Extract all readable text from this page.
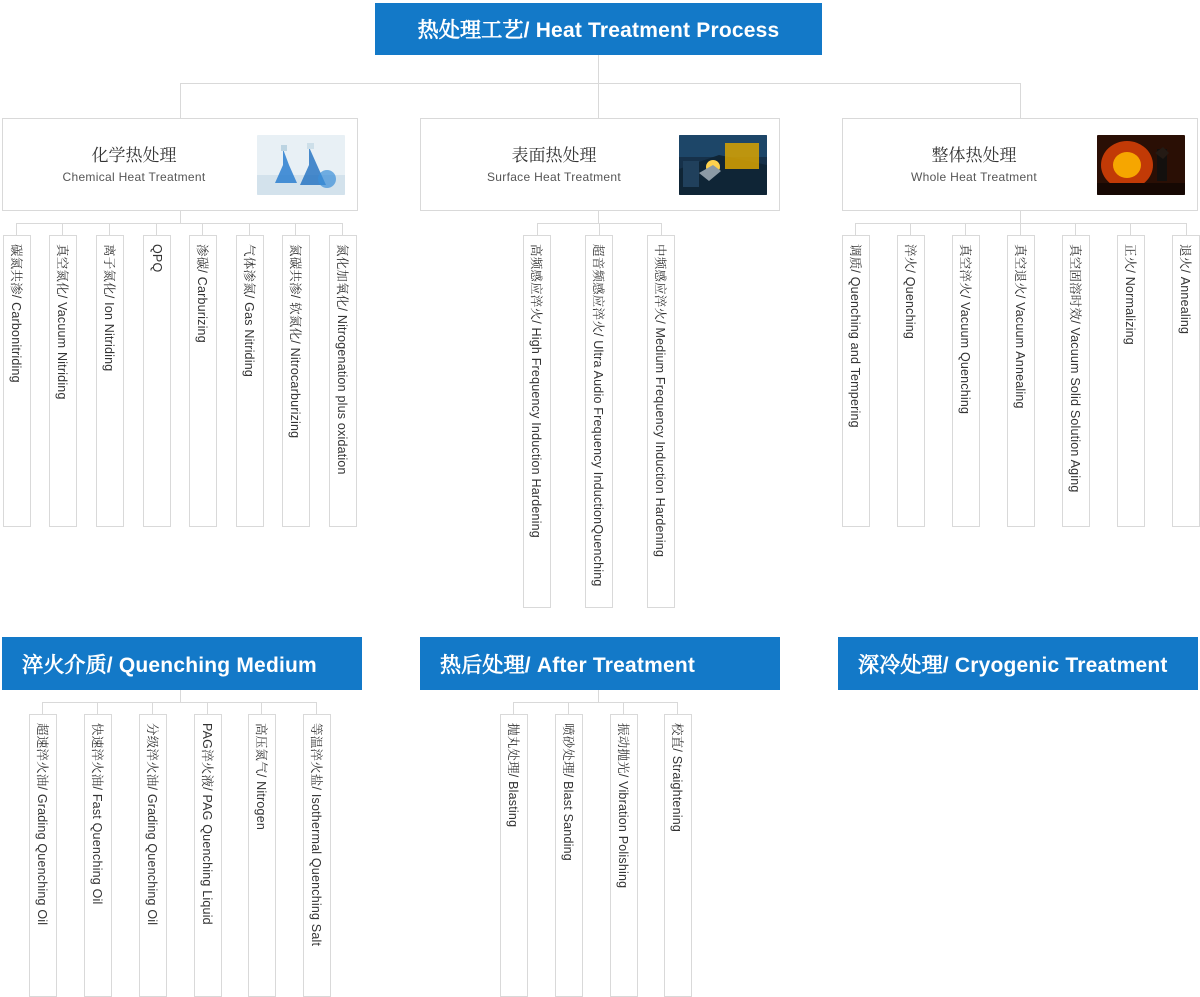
热处理工艺/ Heat Treatment Process
化学热处理
Chemical Heat Treatment
表面热处理
Surface Heat Treatment
整体热处理
Whole Heat Treatment
碳氮共渗/ Carbonitriding	真空氮化/ Vacuum Nitriding	离子氮化/ Ion Nitriding	QPQ 渗碳/ Carburizing	气体渗氮/ Gas Nitriding	氮碳共渗/ 软氮化/ Nitrocarburizing	氮化加氧化/ Nitrogenation plus oxidation	高频感应淬火/ High Frequency Induction Hardening	超音频感应淬火/ Ultra Audio Frequency InductionQuenching	中频感应淬火/ Medium Frequency Induction Hardening	调质/ Quenching and Tempering	淬火/ Quenching	真空淬火/ Vacuum Quenching	真空退火/ Vacuum Annealing	真空固溶时效/ Vacuum Solid Solution Aging	正火/ Normalizing	退火/ Annealing
淬火介质/ Quenching Medium	热后处理/ After Treatment	深冷处理/ Cryogenic Treatment
超速淬火油/ Grading Quenching Oil	快速淬火油/ Fast Quenching Oil	分级淬火油/ Grading Quenching Oil	PAG淬火液/ PAG Quenching Liquid	高压氮气/ Nitrogen	等温淬火盐/ Isothermal Quenching Salt	抛丸处理/ Blasting	喷砂处理/ Blast Sanding	振动抛光/ Vibration Polishing	校直/ Straightening
